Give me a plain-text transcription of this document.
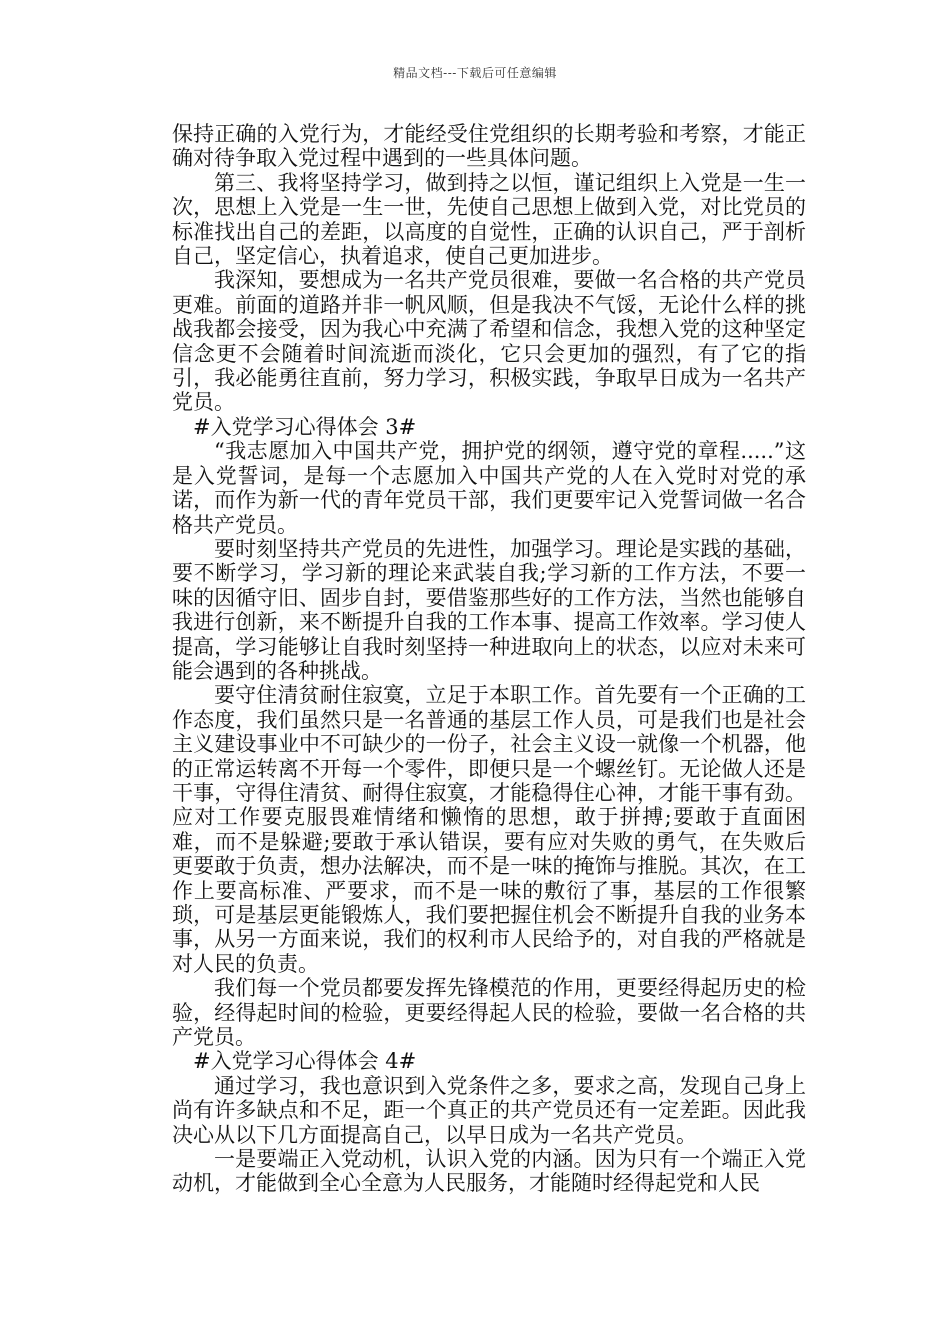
精品文档---下载后可任意编辑

保持正确的入党行为，才能经受住党组织的长期考验和考察，才能正确对待争取入党过程中遇到的一些具体问题。

第三、我将坚持学习，做到持之以恒，谨记组织上入党是一生一次，思想上入党是一生一世，先使自己思想上做到入党，对比党员的标准找出自己的差距，以高度的自觉性，正确的认识自己，严于剖析自己，坚定信心，执着追求，使自己更加进步。

我深知，要想成为一名共产党员很难，要做一名合格的共产党员更难。前面的道路并非一帆风顺，但是我决不气馁，无论什么样的挑战我都会接受，因为我心中充满了希望和信念，我想入党的这种坚定信念更不会随着时间流逝而淡化，它只会更加的强烈，有了它的指引，我必能勇往直前，努力学习，积极实践，争取早日成为一名共产党员。

#入党学习心得体会 3#

“我志愿加入中国共产党，拥护党的纲领，遵守党的章程.....”这是入党誓词，是每一个志愿加入中国共产党的人在入党时对党的承诺，而作为新一代的青年党员干部，我们更要牢记入党誓词做一名合格共产党员。

要时刻坚持共产党员的先进性，加强学习。理论是实践的基础，要不断学习，学习新的理论来武装自我;学习新的工作方法，不要一味的因循守旧、固步自封，要借鉴那些好的工作方法，当然也能够自我进行创新，来不断提升自我的工作本事、提高工作效率。学习使人提高，学习能够让自我时刻坚持一种进取向上的状态，以应对未来可能会遇到的各种挑战。

要守住清贫耐住寂寞，立足于本职工作。首先要有一个正确的工作态度，我们虽然只是一名普通的基层工作人员，可是我们也是社会主义建设事业中不可缺少的一份子，社会主义设一就像一个机器，他的正常运转离不开每一个零件，即便只是一个螺丝钉。无论做人还是干事，守得住清贫、耐得住寂寞，才能稳得住心神，才能干事有劲。应对工作要克服畏难情绪和懒惰的思想，敢于拼搏;要敢于直面困难，而不是躲避;要敢于承认错误，要有应对失败的勇气，在失败后更要敢于负责，想办法解决，而不是一味的掩饰与推脱。其次，在工作上要高标准、严要求，而不是一味的敷衍了事，基层的工作很繁琐，可是基层更能锻炼人，我们要把握住机会不断提升自我的业务本事，从另一方面来说，我们的权利市人民给予的，对自我的严格就是对人民的负责。

我们每一个党员都要发挥先锋模范的作用，更要经得起历史的检验，经得起时间的检验，更要经得起人民的检验，要做一名合格的共产党员。

#入党学习心得体会 4#

通过学习，我也意识到入党条件之多，要求之高，发现自己身上尚有许多缺点和不足，距一个真正的共产党员还有一定差距。因此我决心从以下几方面提高自己，以早日成为一名共产党员。

一是要端正入党动机，认识入党的内涵。因为只有一个端正入党动机，才能做到全心全意为人民服务，才能随时经得起党和人民
